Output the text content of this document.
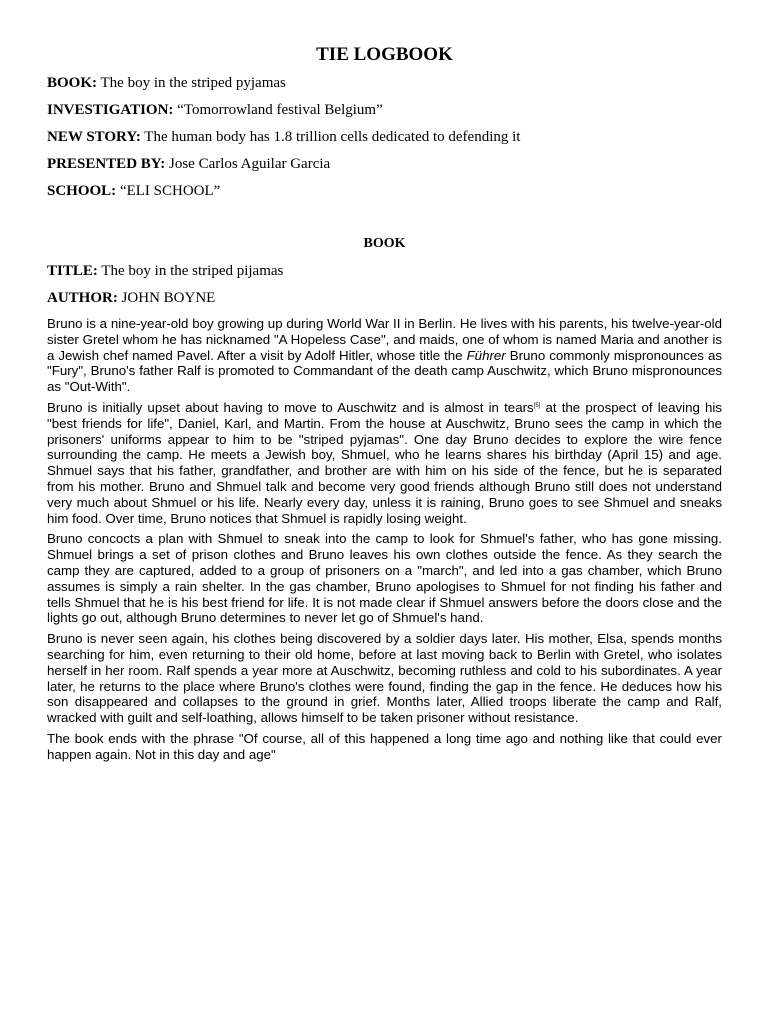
TIE LOGBOOK
BOOK: The boy in the striped pyjamas
INVESTIGATION: “Tomorrowland festival Belgium”
NEW STORY: The human body has 1.8 trillion cells dedicated to defending it
PRESENTED BY: Jose Carlos Aguilar Garcia
SCHOOL: “ELI SCHOOL”
BOOK
TITLE: The boy in the striped pijamas
AUTHOR: JOHN BOYNE

Bruno is a nine-year-old boy growing up during World War II in Berlin. He lives with his parents, his twelve-year-old sister Gretel whom he has nicknamed "A Hopeless Case", and maids, one of whom is named Maria and another is a Jewish chef named Pavel. After a visit by Adolf Hitler, whose title the Führer Bruno commonly mispronounces as "Fury", Bruno's father Ralf is promoted to Commandant of the death camp Auschwitz, which Bruno mispronounces as "Out-With".

Bruno is initially upset about having to move to Auschwitz and is almost in tears[5] at the prospect of leaving his "best friends for life", Daniel, Karl, and Martin. From the house at Auschwitz, Bruno sees the camp in which the prisoners' uniforms appear to him to be "striped pyjamas". One day Bruno decides to explore the wire fence surrounding the camp. He meets a Jewish boy, Shmuel, who he learns shares his birthday (April 15) and age. Shmuel says that his father, grandfather, and brother are with him on his side of the fence, but he is separated from his mother. Bruno and Shmuel talk and become very good friends although Bruno still does not understand very much about Shmuel or his life. Nearly every day, unless it is raining, Bruno goes to see Shmuel and sneaks him food. Over time, Bruno notices that Shmuel is rapidly losing weight.

Bruno concocts a plan with Shmuel to sneak into the camp to look for Shmuel's father, who has gone missing. Shmuel brings a set of prison clothes and Bruno leaves his own clothes outside the fence. As they search the camp they are captured, added to a group of prisoners on a "march", and led into a gas chamber, which Bruno assumes is simply a rain shelter. In the gas chamber, Bruno apologises to Shmuel for not finding his father and tells Shmuel that he is his best friend for life. It is not made clear if Shmuel answers before the doors close and the lights go out, although Bruno determines to never let go of Shmuel's hand.

Bruno is never seen again, his clothes being discovered by a soldier days later. His mother, Elsa, spends months searching for him, even returning to their old home, before at last moving back to Berlin with Gretel, who isolates herself in her room. Ralf spends a year more at Auschwitz, becoming ruthless and cold to his subordinates. A year later, he returns to the place where Bruno's clothes were found, finding the gap in the fence. He deduces how his son disappeared and collapses to the ground in grief. Months later, Allied troops liberate the camp and Ralf, wracked with guilt and self-loathing, allows himself to be taken prisoner without resistance.

The book ends with the phrase "Of course, all of this happened a long time ago and nothing like that could ever happen again. Not in this day and age"
